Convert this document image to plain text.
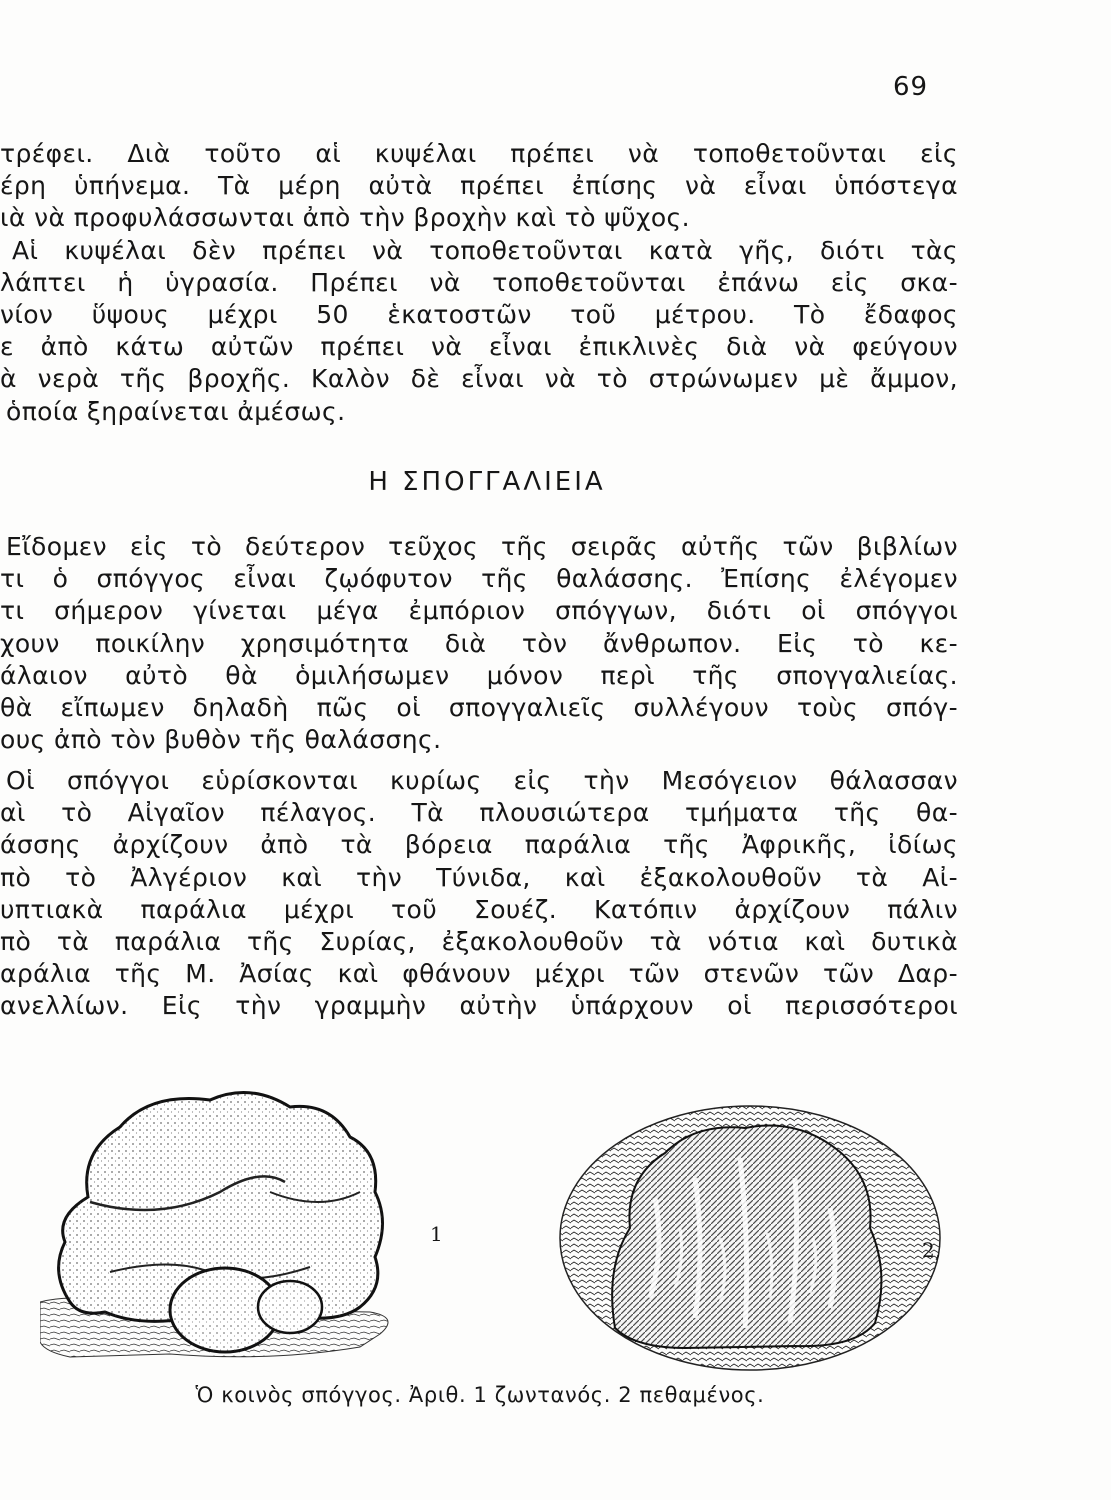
69
τρέφει. Διὰ τοῦτο αἱ κυψέλαι πρέπει νὰ τοποθετοῦνται εἰς
έρη ὑπήνεμα. Τὰ μέρη αὐτὰ πρέπει ἐπίσης νὰ εἶναι ὑπόστεγα
ιὰ νὰ προφυλάσσωνται ἀπὸ τὴν βροχὴν καὶ τὸ ψῦχος.
Αἱ κυψέλαι δὲν πρέπει νὰ τοποθετοῦνται κατὰ γῆς, διότι τὰς
λάπτει ἡ ὑγρασία. Πρέπει νὰ τοποθετοῦνται ἐπάνω εἰς σκα-
νίον ὕψους μέχρι 50 ἑκατοστῶν τοῦ μέτρου. Τὸ ἔδαφος
ε ἀπὸ κάτω αὐτῶν πρέπει νὰ εἶναι ἐπικλινὲς διὰ νὰ φεύγουν
ὰ νερὰ τῆς βροχῆς. Καλὸν δὲ εἶναι νὰ τὸ στρώνωμεν μὲ ἄμμον,
ὁποία ξηραίνεται ἀμέσως.
Η ΣΠΟΓΓΑΛΙΕΙΑ
Εἴδομεν εἰς τὸ δεύτερον τεῦχος τῆς σειρᾶς αὐτῆς τῶν βιβλίων
τι ὁ σπόγγος εἶναι ζῳόφυτον τῆς θαλάσσης. Ἐπίσης ἐλέγομεν
τι σήμερον γίνεται μέγα ἐμπόριον σπόγγων, διότι οἱ σπόγγοι
χουν ποικίλην χρησιμότητα διὰ τὸν ἄνθρωπον. Εἰς τὸ κε-
άλαιον αὐτὸ θὰ ὁμιλήσωμεν μόνον περὶ τῆς σπογγαλιείας.
θὰ εἴπωμεν δηλαδὴ πῶς οἱ σπογγαλιεῖς συλλέγουν τοὺς σπόγ-
ους ἀπὸ τὸν βυθὸν τῆς θαλάσσης.
Οἱ σπόγγοι εὑρίσκονται κυρίως εἰς τὴν Μεσόγειον θάλασσαν
αὶ τὸ Αἰγαῖον πέλαγος. Τὰ πλουσιώτερα τμήματα τῆς θα-
άσσης ἀρχίζουν ἀπὸ τὰ βόρεια παράλια τῆς Ἀφρικῆς, ἰδίως
πὸ τὸ Ἀλγέριον καὶ τὴν Τύνιδα, καὶ ἐξακολουθοῦν τὰ Αἰ-
υπτιακὰ παράλια μέχρι τοῦ Σουέζ. Κατόπιν ἀρχίζουν πάλιν
πὸ τὰ παράλια τῆς Συρίας, ἐξακολουθοῦν τὰ νότια καὶ δυτικὰ
αράλια τῆς Μ. Ἀσίας καὶ φθάνουν μέχρι τῶν στενῶν τῶν Δαρ-
ανελλίων. Εἰς τὴν γραμμὴν αὐτὴν ὑπάρχουν οἱ περισσότεροι
1
2,
Ὁ κοινὸς σπόγγος. Ἀριθ. 1 ζωντανός. 2 πεθαμένος.
